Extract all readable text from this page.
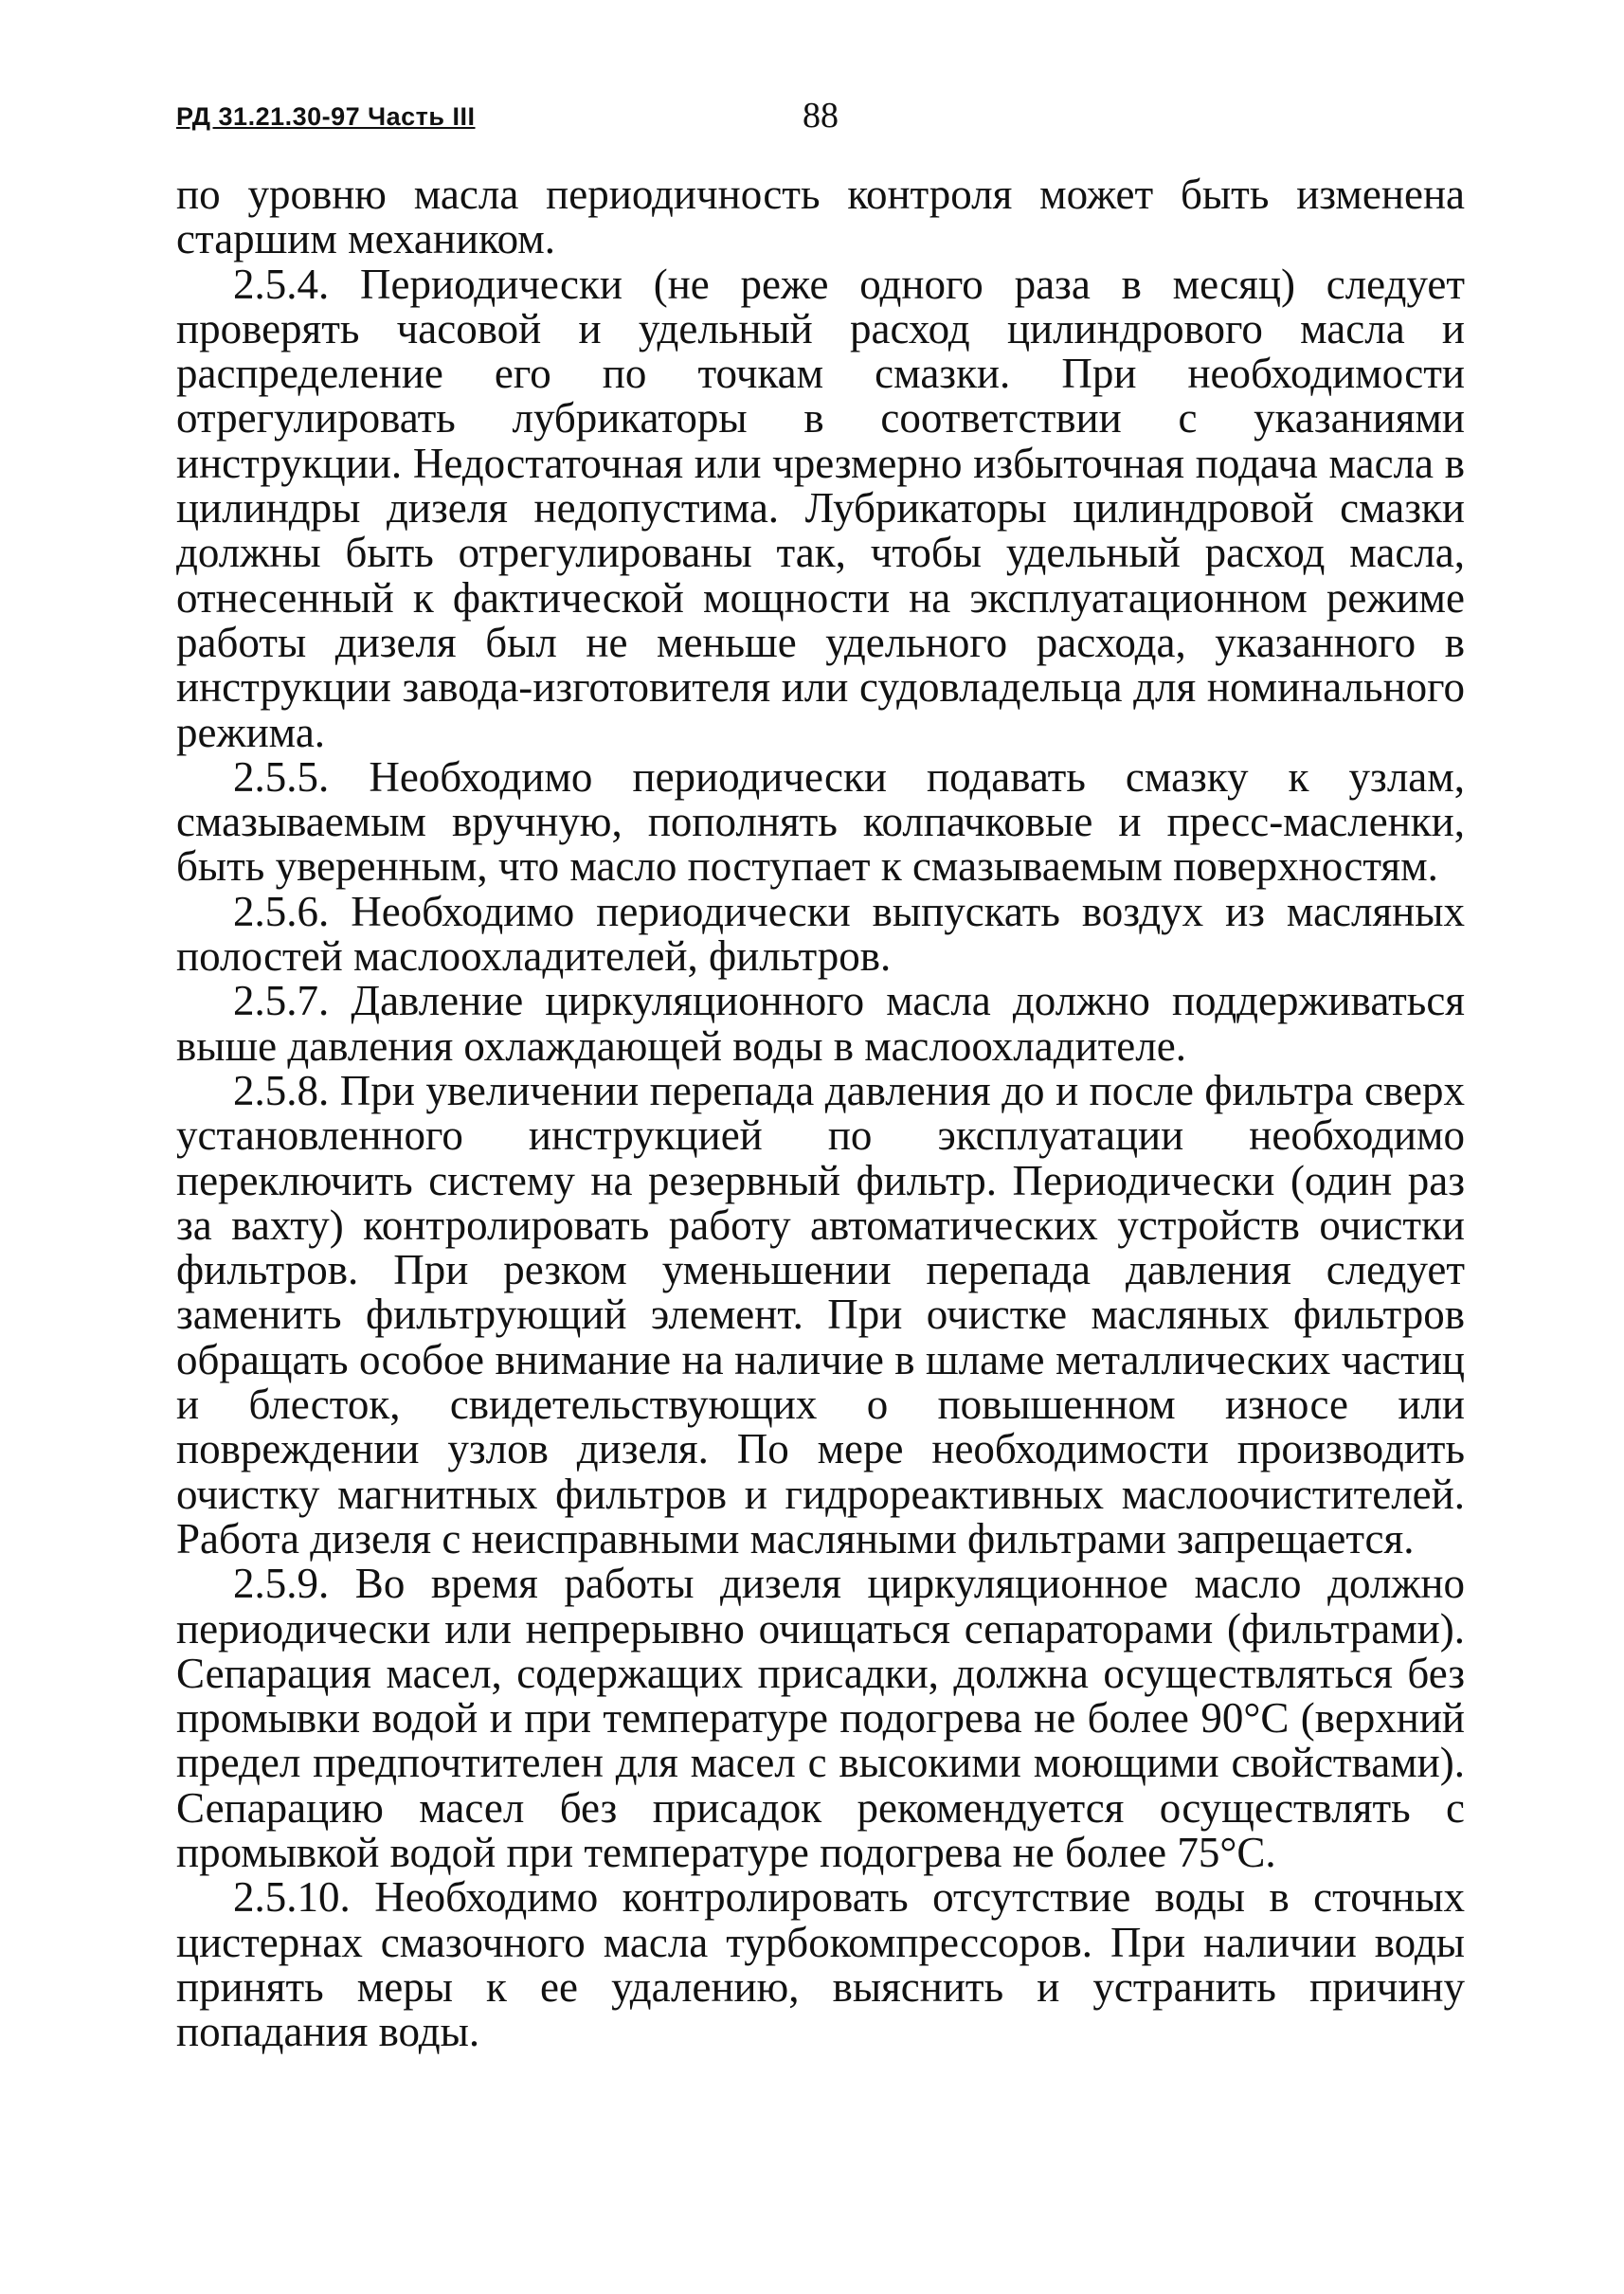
РД 31.21.30-97 Часть III	88

по уровню масла периодичность контроля может быть изменена старшим механиком.

2.5.4. Периодически (не реже одного раза в месяц) следует проверять часовой и удельный расход цилиндрового масла и распределение его по точкам смазки. При необходимости отрегулировать лубрикаторы в соответствии с указаниями инструкции. Недостаточная или чрезмерно избыточная подача масла в цилиндры дизеля недопустима. Лубрикаторы цилиндровой смазки должны быть отрегулированы так, чтобы удельный расход масла, отнесенный к фактической мощности на эксплуатационном режиме работы дизеля был не меньше удельного расхода, указанного в инструкции завода-изготовителя или судовладельца для номинального режима.

2.5.5. Необходимо периодически подавать смазку к узлам, смазываемым вручную, пополнять колпачковые и пресс-масленки, быть уверенным, что масло поступает к смазываемым поверхностям.

2.5.6. Необходимо периодически выпускать воздух из масляных полостей маслоохладителей, фильтров.

2.5.7. Давление циркуляционного масла должно поддерживаться выше давления охлаждающей воды в маслоохладителе.

2.5.8. При увеличении перепада давления до и после фильтра сверх установленного инструкцией по эксплуатации необходимо переключить систему на резервный фильтр. Периодически (один раз за вахту) контролировать работу автоматических устройств очистки фильтров. При резком уменьшении перепада давления следует заменить фильтрующий элемент. При очистке масляных фильтров обращать особое внимание на наличие в шламе металлических частиц и блесток, свидетельствующих о повышенном износе или повреждении узлов дизеля. По мере необходимости производить очистку магнитных фильтров и гидрореактивных маслоочистителей. Работа дизеля с неисправными масляными фильтрами запрещается.

2.5.9. Во время работы дизеля циркуляционное масло должно периодически или непрерывно очищаться сепараторами (фильтрами). Сепарация масел, содержащих присадки, должна осуществляться без промывки водой и при температуре подогрева не более 90°С (верхний предел предпочтителен для масел с высокими моющими свойствами). Сепарацию масел без присадок рекомендуется осуществлять с промывкой водой при температуре подогрева не более 75°С.

2.5.10. Необходимо контролировать отсутствие воды в сточных цистернах смазочного масла турбокомпрессоров. При наличии воды принять меры к ее удалению, выяснить и устранить причину попадания воды.
